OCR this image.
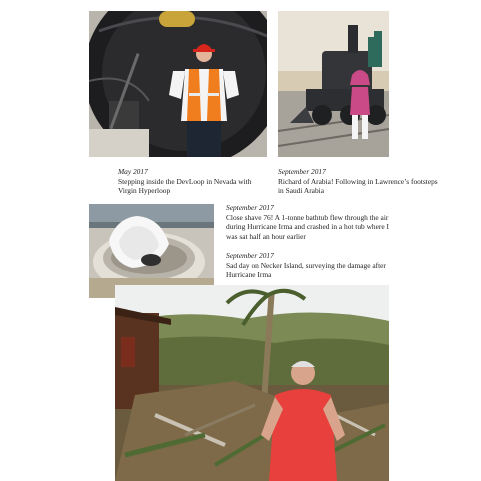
May 2017
Stepping inside the DevLoop in Nevada with Virgin Hyperloop
September 2017
Richard of Arabia! Following in Lawrence’s footsteps in Saudi Arabia
September 2017
Close shave 76! A 1-tonne bathtub flew through the air during Hurricane Irma and crashed in a hot tub where I was sat half an hour earlier
September 2017
Sad day on Necker Island, surveying the damage after Hurricane Irma
